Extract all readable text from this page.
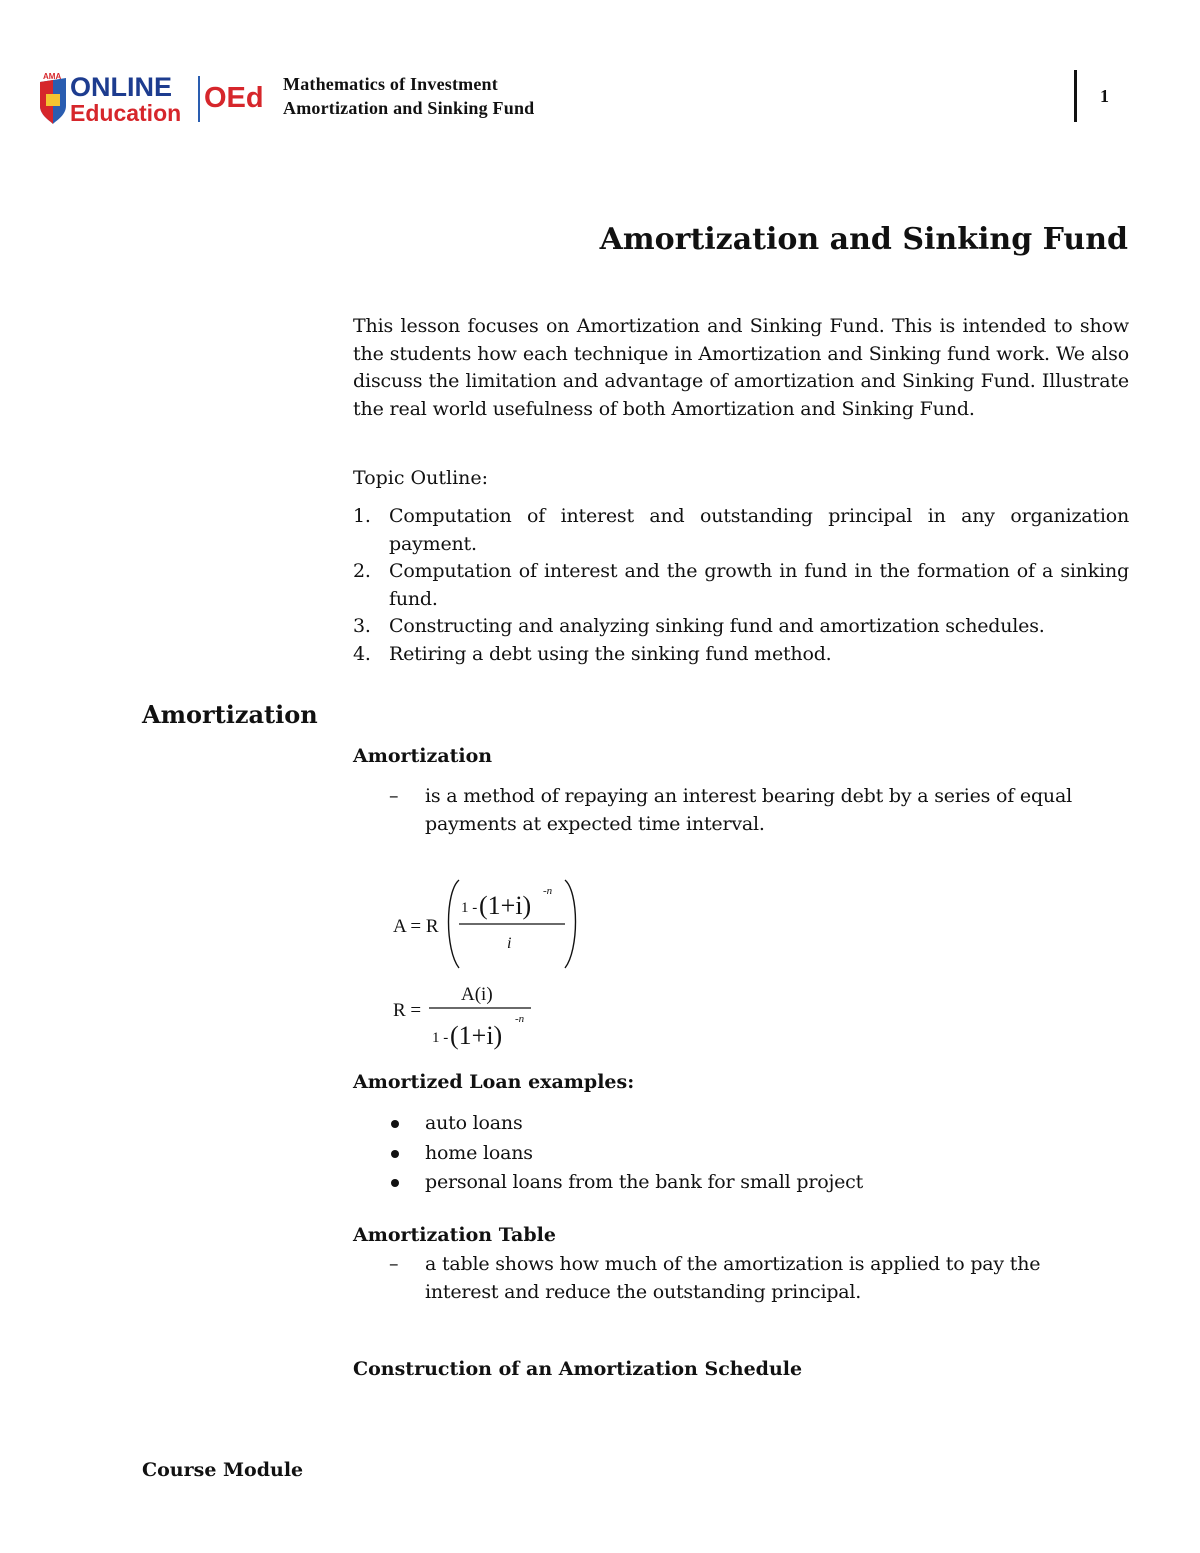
AMA ONLINE
Education OEd Mathematics of Investment
Amortization and Sinking Fund
1
Amortization and Sinking Fund
This lesson focuses on Amortization and Sinking Fund. This is intended to show the students how each technique in Amortization and Sinking fund work. We also discuss the limitation and advantage of amortization and Sinking Fund. Illustrate the real world usefulness of both Amortization and Sinking Fund.
Topic Outline:
1. Computation of interest and outstanding principal in any organization payment.
2. Computation of interest and the growth in fund in the formation of a sinking fund.
3. Constructing and analyzing sinking fund and amortization schedules.
4. Retiring a debt using the sinking fund method.
Amortization
Amortization
– is a method of repaying an interest bearing debt by a series of equal payments at expected time interval.
A = R
1 - (1+i) -n
i
R =
A(i)
1 - (1+i)
-n
Amortized Loan examples:
auto loans
home loans
personal loans from the bank for small project
Amortization Table
– a table shows how much of the amortization is applied to pay the interest and reduce the outstanding principal.
Construction of an Amortization Schedule
Course Module
